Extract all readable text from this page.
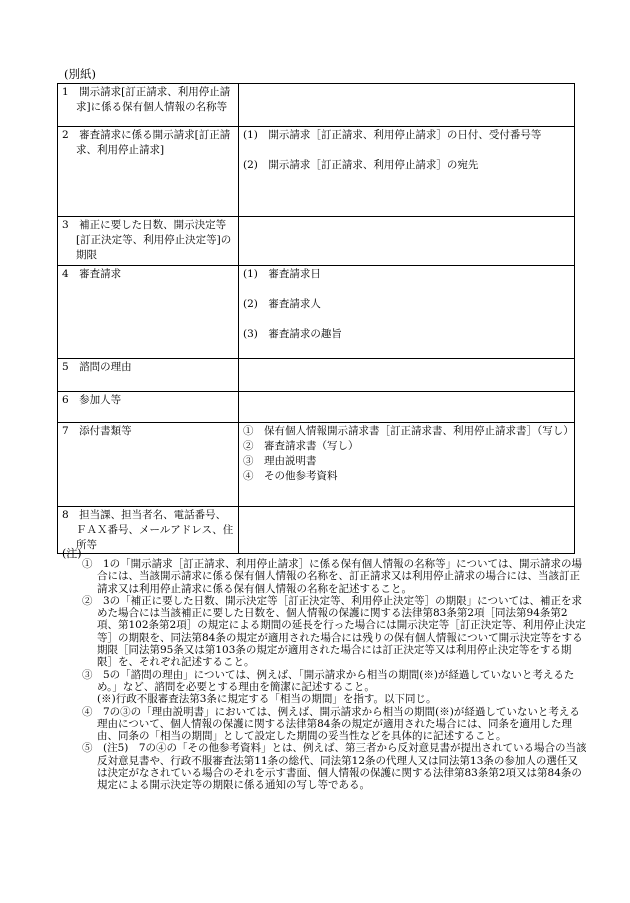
(別紙)
1　開示請求[訂正請求、利用停止請求]に係る保有個人情報の名称等	

2　審査請求に係る開示請求[訂正請求、利用停止請求]	(1)　開示請求［訂正請求、利用停止請求］の日付、受付番号等
(2)　開示請求［訂正請求、利用停止請求］の宛先

3　補正に要した日数、開示決定等[訂正決定等、利用停止決定等]の期限	

4　審査請求	(1)　審査請求日
(2)　審査請求人
(3)　審査請求の趣旨

5　諮問の理由	

6　参加人等	

7　添付書類等	①　保有個人情報開示請求書［訂正請求書、利用停止請求書］（写し）
②　審査請求書（写し）
③　理由説明書
④　その他参考資料

8　担当課、担当者名、電話番号、ＦＡＸ番号、メールアドレス、住所等	

(注)

①　1の「開示請求［訂正請求、利用停止請求］に係る保有個人情報の名称等」については、開示請求の場合には、当該開示請求に係る保有個人情報の名称を、訂正請求又は利用停止請求の場合には、当該訂正請求又は利用停止請求に係る保有個人情報の名称を記述すること。

②　3の「補正に要した日数、開示決定等［訂正決定等、利用停止決定等］の期限」については、補正を求めた場合には当該補正に要した日数を、個人情報の保護に関する法律第83条第2項［同法第94条第2項、第102条第2項］の規定による期間の延長を行った場合には開示決定等［訂正決定等、利用停止決定等］の期限を、同法第84条の規定が適用された場合には残りの保有個人情報について開示決定等をする期限［同法第95条又は第103条の規定が適用された場合には訂正決定等又は利用停止決定等をする期限］を、それぞれ記述すること。

③　5の「諮問の理由」については、例えば、「開示請求から相当の期間(※)が経過していないと考えるため。」など、諮問を必要とする理由を簡潔に記述すること。

(※)行政不服審査法第3条に規定する「相当の期間」を指す。以下同じ。

④　7の③の「理由説明書」においては、例えば、開示請求から相当の期間(※)が経過していないと考える理由について、個人情報の保護に関する法律第84条の規定が適用された場合には、同条を適用した理由、同条の「相当の期間」として設定した期間の妥当性などを具体的に記述すること。

⑤　(注5)　7の④の「その他参考資料」とは、例えば、第三者から反対意見書が提出されている場合の当該反対意見書や、行政不服審査法第11条の総代、同法第12条の代理人又は同法第13条の参加人の選任又は決定がなされている場合のそれを示す書面、個人情報の保護に関する法律第83条第2項又は第84条の規定による開示決定等の期限に係る通知の写し等である。
